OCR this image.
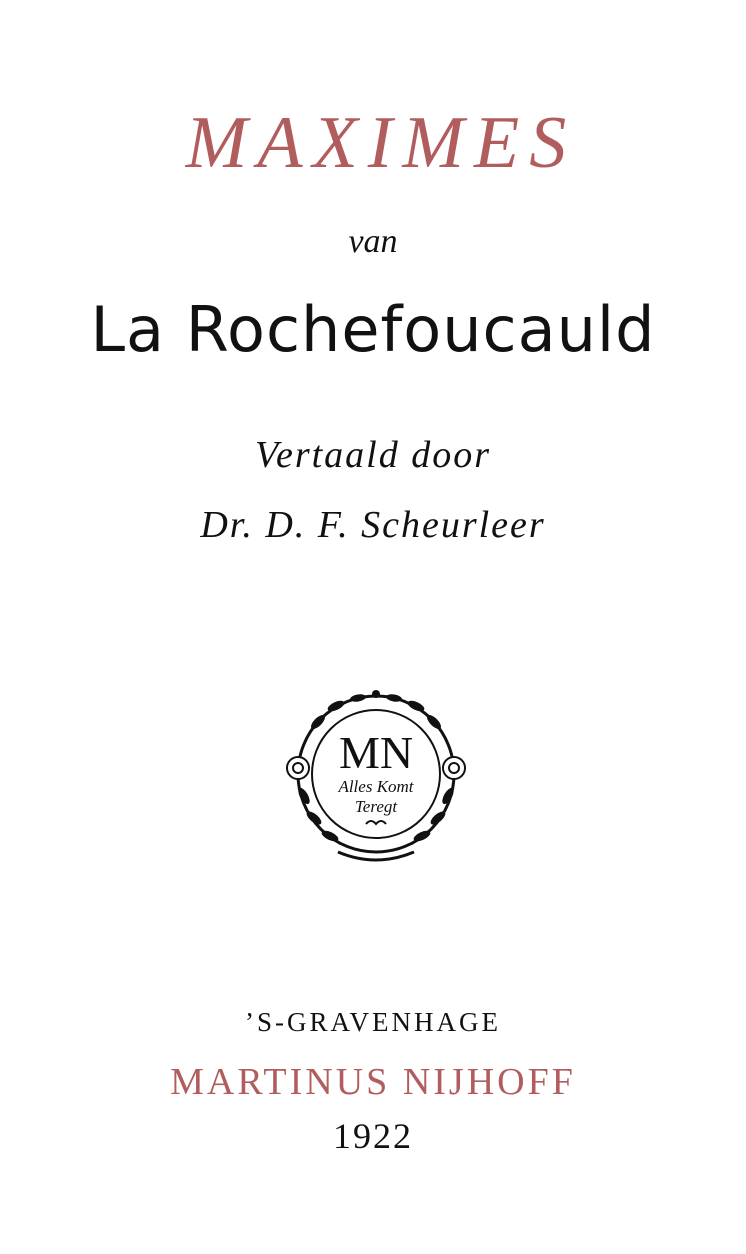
MAXIMES
van
La Rochefoucauld
Vertaald door
Dr. D. F. Scheurleer
MN
Alles Komt
Teregt
’S-GRAVENHAGE
MARTINUS NIJHOFF
1922
